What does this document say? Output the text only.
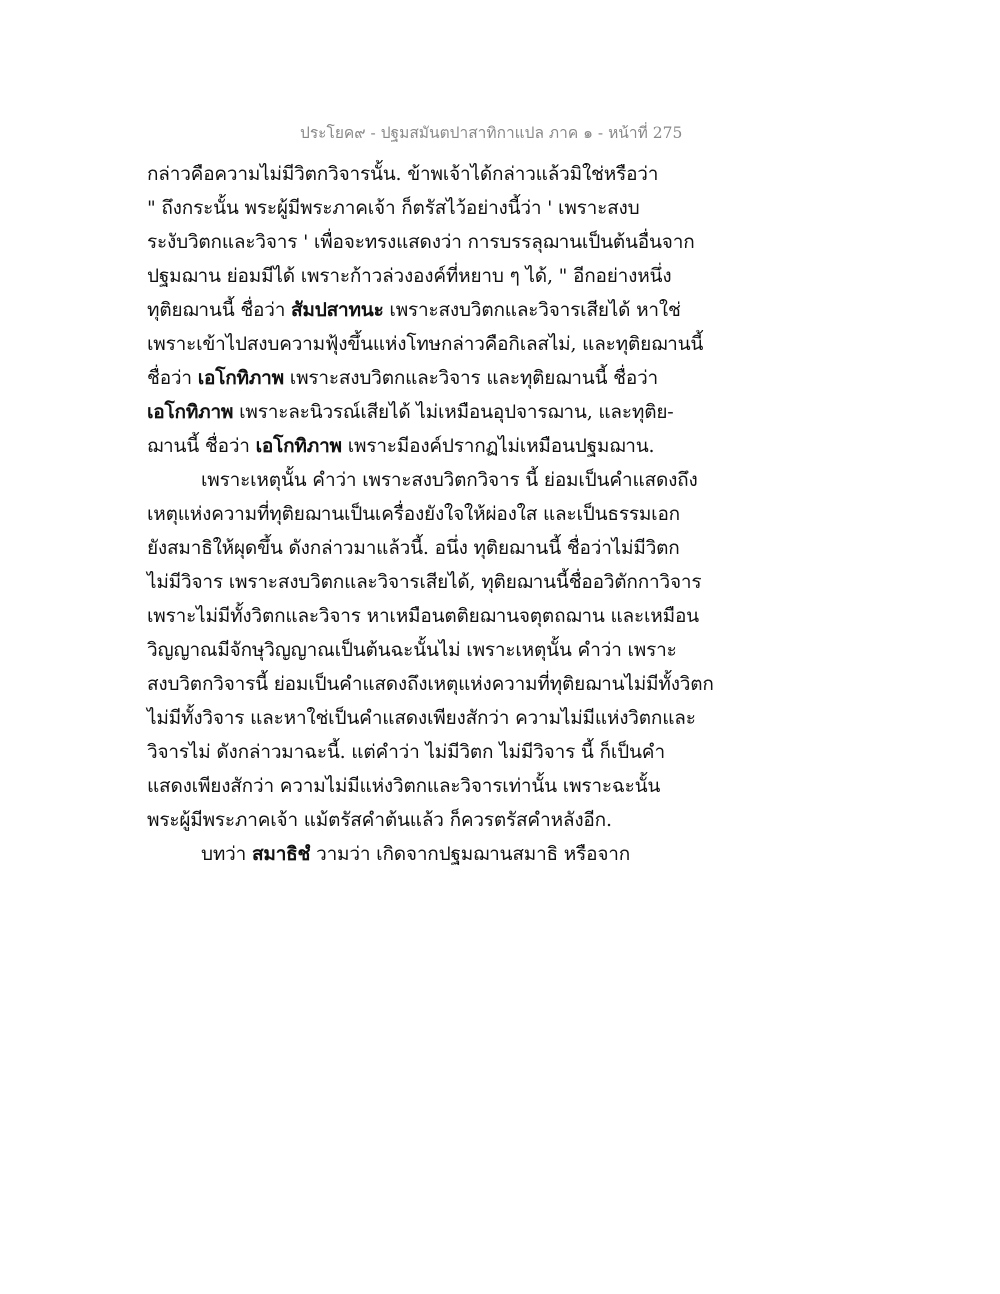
ประโยค๙ - ปฐมสมันตปาสาทิกาแปล ภาค ๑ - หน้าที่ 275
กล่าวคือความไม่มีวิตกวิจารนั้น. ข้าพเจ้าได้กล่าวแล้วมิใช่หรือว่า
" ถึงกระนั้น พระผู้มีพระภาคเจ้า ก็ตรัสไว้อย่างนี้ว่า ' เพราะสงบ
ระงับวิตกและวิจาร ' เพื่อจะทรงแสดงว่า การบรรลุฌานเป็นต้นอื่นจาก
ปฐมฌาน ย่อมมีได้ เพราะก้าวล่วงองค์ที่หยาบ ๆ ได้, " อีกอย่างหนึ่ง
ทุติยฌานนี้ ชื่อว่า สัมปสาทนะ เพราะสงบวิตกและวิจารเสียได้ หาใช่
เพราะเข้าไปสงบความฟุ้งขึ้นแห่งโทษกล่าวคือกิเลสไม่, และทุติยฌานนี้
ชื่อว่า เอโกทิภาพ เพราะสงบวิตกและวิจาร และทุติยฌานนี้ ชื่อว่า
เอโกทิภาพ เพราะละนิวรณ์เสียได้ ไม่เหมือนอุปจารฌาน, และทุติย-
ฌานนี้ ชื่อว่า เอโกทิภาพ เพราะมีองค์ปรากฏไม่เหมือนปฐมฌาน.
เพราะเหตุนั้น คำว่า เพราะสงบวิตกวิจาร นี้ ย่อมเป็นคำแสดงถึง
เหตุแห่งความที่ทุติยฌานเป็นเครื่องยังใจให้ผ่องใส และเป็นธรรมเอก
ยังสมาธิให้ผุดขึ้น ดังกล่าวมาแล้วนี้. อนึ่ง ทุติยฌานนี้ ชื่อว่าไม่มีวิตก
ไม่มีวิจาร เพราะสงบวิตกและวิจารเสียได้, ทุติยฌานนี้ชื่ออวิตักกาวิจาร
เพราะไม่มีทั้งวิตกและวิจาร หาเหมือนตติยฌานจตุตถฌาน และเหมือน
วิญญาณมีจักษุวิญญาณเป็นต้นฉะนั้นไม่ เพราะเหตุนั้น คำว่า เพราะ
สงบวิตกวิจารนี้ ย่อมเป็นคำแสดงถึงเหตุแห่งความที่ทุติยฌานไม่มีทั้งวิตก
ไม่มีทั้งวิจาร และหาใช่เป็นคำแสดงเพียงสักว่า ความไม่มีแห่งวิตกและ
วิจารไม่ ดังกล่าวมาฉะนี้. แต่คำว่า ไม่มีวิตก ไม่มีวิจาร นี้ ก็เป็นคำ
แสดงเพียงสักว่า ความไม่มีแห่งวิตกและวิจารเท่านั้น เพราะฉะนั้น
พระผู้มีพระภาคเจ้า แม้ตรัสคำต้นแล้ว ก็ควรตรัสคำหลังอีก.
บทว่า สมาธิชํ วามว่า เกิดจากปฐมฌานสมาธิ หรือจาก
